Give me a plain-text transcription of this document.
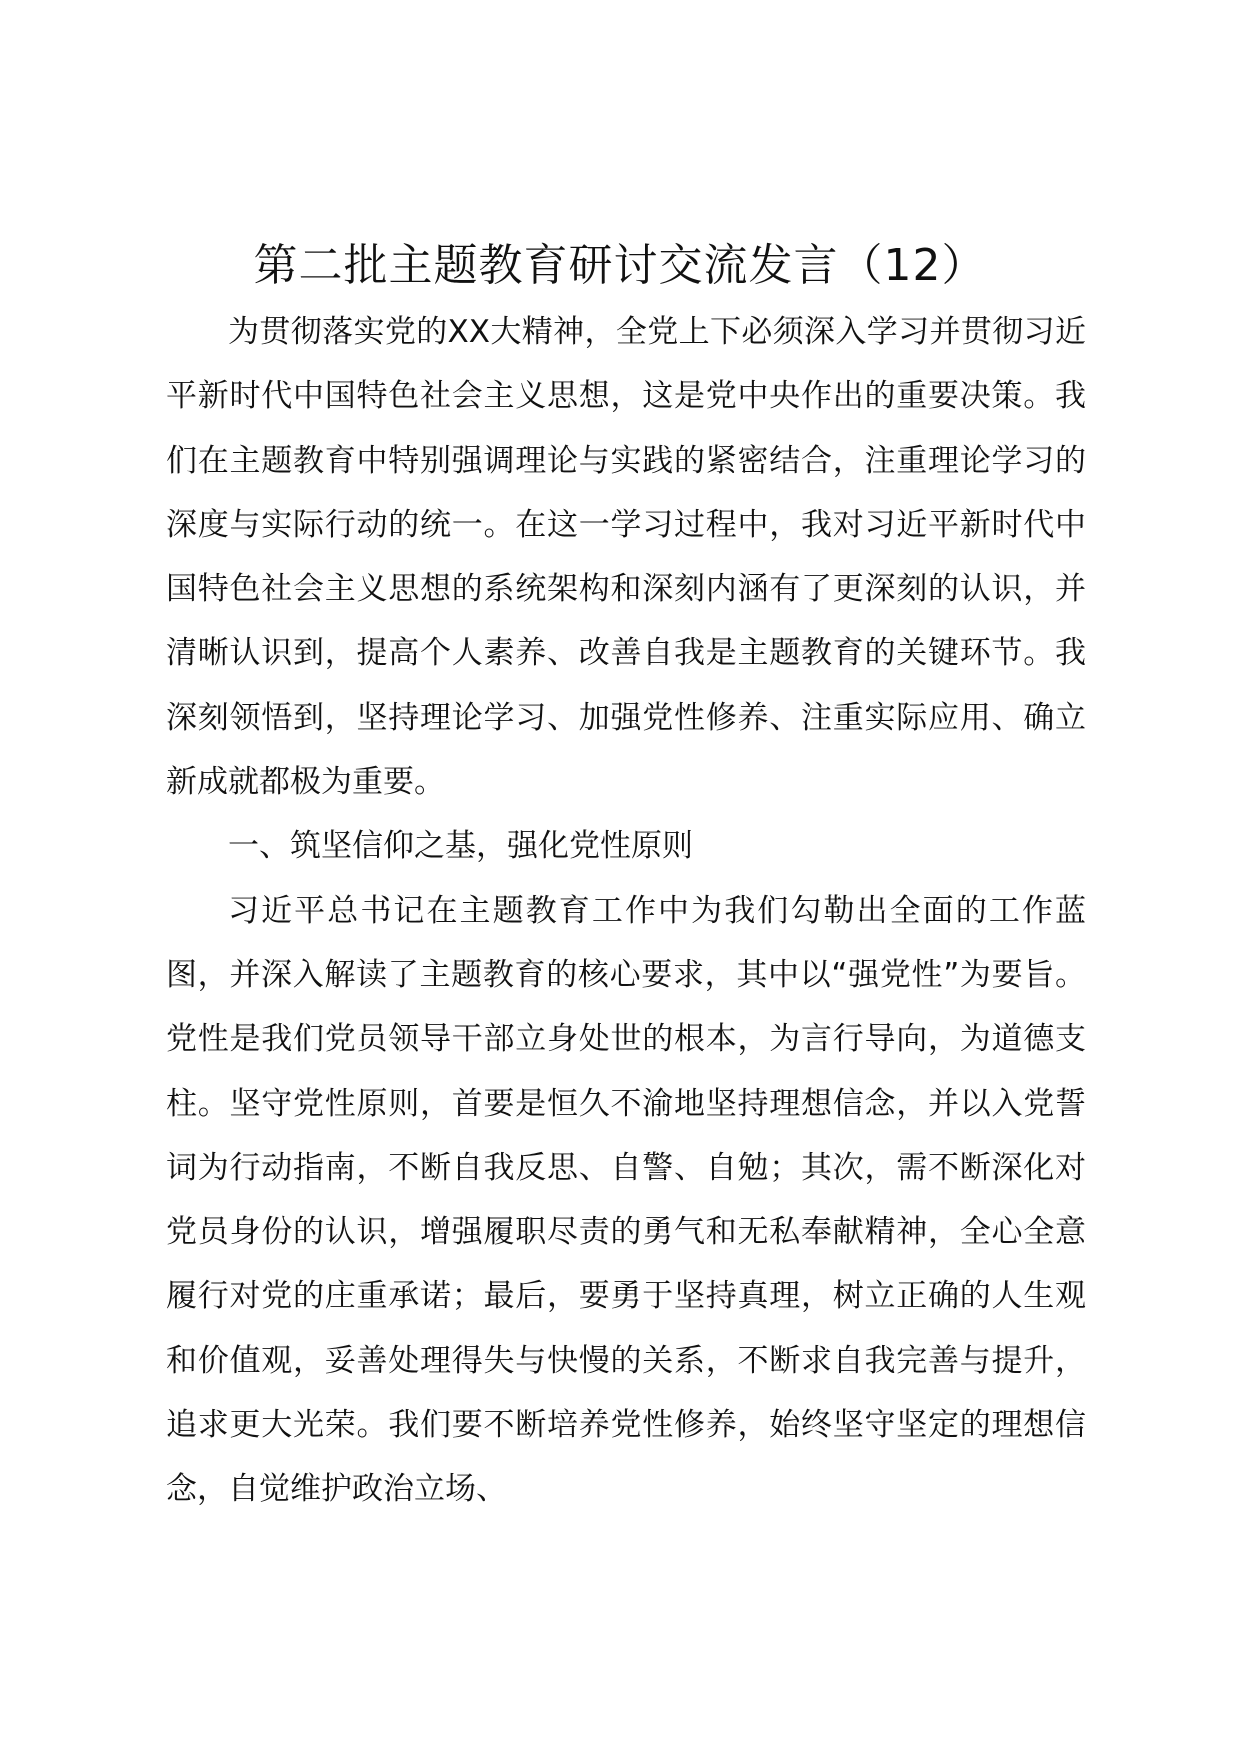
第二批主题教育研讨交流发言（12）

为贯彻落实党的XX大精神，全党上下必须深入学习并贯彻习近平新时代中国特色社会主义思想，这是党中央作出的重要决策。我们在主题教育中特别强调理论与实践的紧密结合，注重理论学习的深度与实际行动的统一。在这一学习过程中，我对习近平新时代中国特色社会主义思想的系统架构和深刻内涵有了更深刻的认识，并清晰认识到，提高个人素养、改善自我是主题教育的关键环节。我深刻领悟到，坚持理论学习、加强党性修养、注重实际应用、确立新成就都极为重要。

一、筑坚信仰之基，强化党性原则

习近平总书记在主题教育工作中为我们勾勒出全面的工作蓝图，并深入解读了主题教育的核心要求，其中以“强党性”为要旨。党性是我们党员领导干部立身处世的根本，为言行导向，为道德支柱。坚守党性原则，首要是恒久不渝地坚持理想信念，并以入党誓词为行动指南，不断自我反思、自警、自勉；其次，需不断深化对党员身份的认识，增强履职尽责的勇气和无私奉献精神，全心全意履行对党的庄重承诺；最后，要勇于坚持真理，树立正确的人生观和价值观，妥善处理得失与快慢的关系，不断求自我完善与提升，追求更大光荣。我们要不断培养党性修养，始终坚守坚定的理想信念，自觉维护政治立场、
